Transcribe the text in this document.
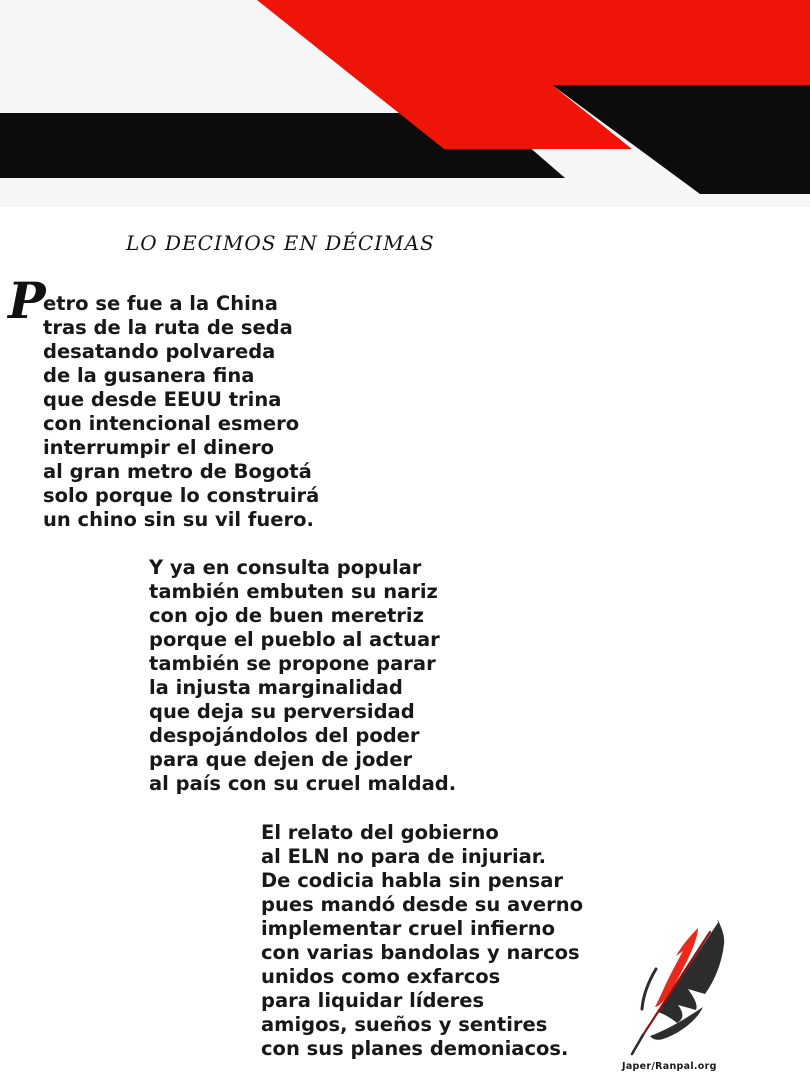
LO DECIMOS EN DÉCIMAS
P
etro se fue a la China
tras de la ruta de seda
desatando polvareda
de la gusanera fina
que desde EEUU trina
con intencional esmero
interrumpir el dinero
al gran metro de Bogotá
solo porque lo construirá
un chino sin su vil fuero.
Y ya en consulta popular
también embuten su nariz
con ojo de buen meretriz
porque el pueblo al actuar
también se propone parar
la injusta marginalidad
que deja su perversidad
despojándolos del poder
para que dejen de joder
al país con su cruel maldad.
El relato del gobierno
al ELN no para de injuriar.
De codicia habla sin pensar
pues mandó desde su averno
implementar cruel infierno
con varias bandolas y narcos
unidos como exfarcos
para liquidar líderes
amigos, sueños y sentires
con sus planes demoniacos.
Japer/Ranpal.org
